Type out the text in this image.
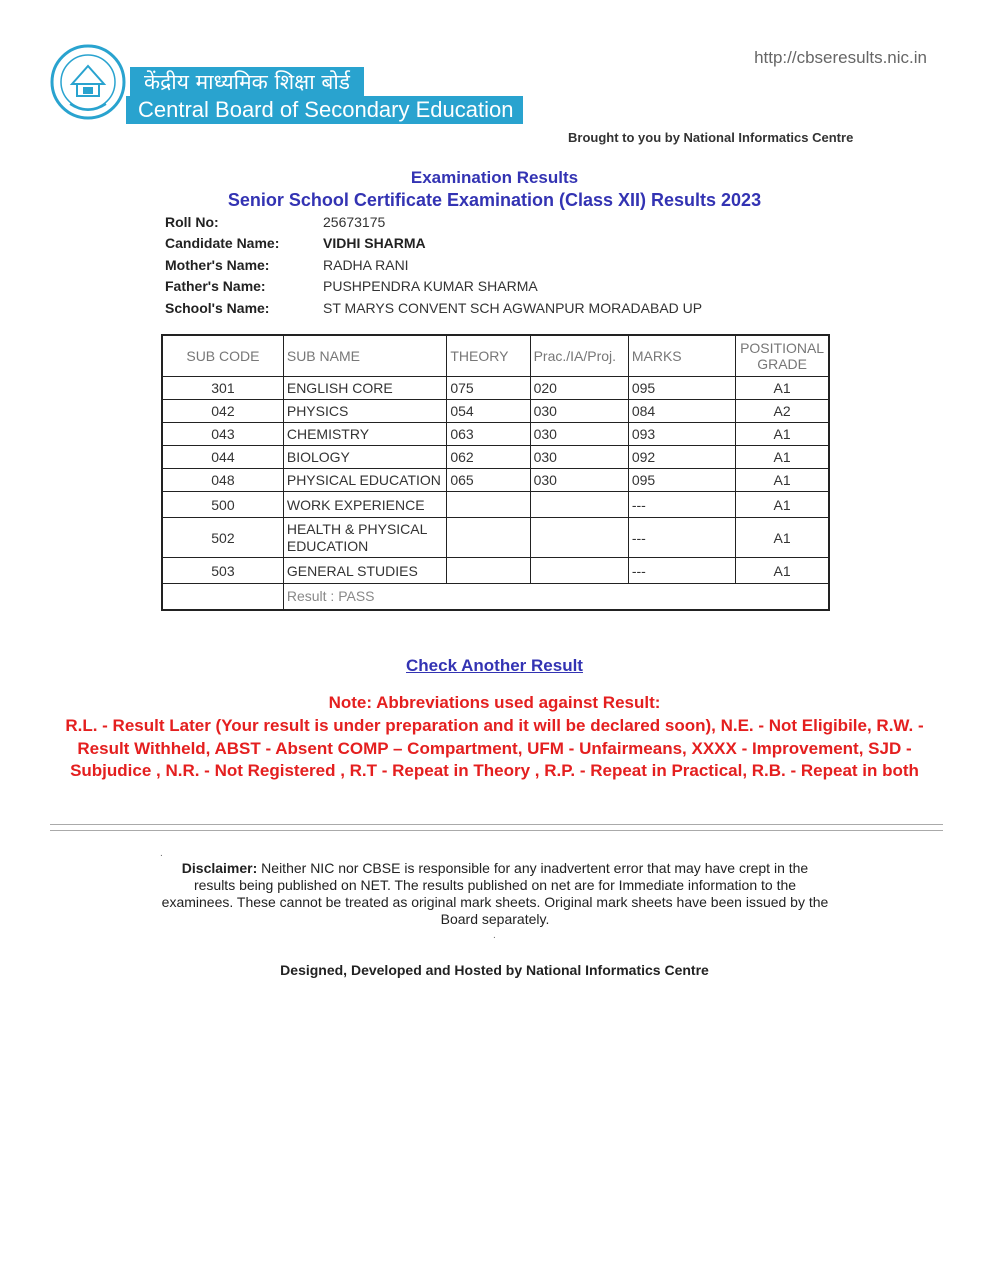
केंद्रीय माध्यमिक शिक्षा बोर्ड
Central Board of Secondary Education
http://cbseresults.nic.in
Brought to you by National Informatics Centre
Examination Results
Senior School Certificate Examination (Class XII) Results 2023
Roll No:	25673175
Candidate Name:	VIDHI SHARMA
Mother's Name:	RADHA RANI
Father's Name:	PUSHPENDRA KUMAR SHARMA
School's Name:	ST MARYS CONVENT SCH AGWANPUR MORADABAD UP
SUB CODE	SUB NAME	THEORY	Prac./IA/Proj.	MARKS	POSITIONAL GRADE
301	ENGLISH CORE	075	020	095	A1
042	PHYSICS	054	030	084	A2
043	CHEMISTRY	063	030	093	A1
044	BIOLOGY	062	030	092	A1
048	PHYSICAL EDUCATION	065	030	095	A1
500	WORK EXPERIENCE			---	A1
502	HEALTH & PHYSICAL EDUCATION			---	A1
503	GENERAL STUDIES			---	A1
	Result : PASS				
Check Another Result
Note: Abbreviations used against Result:
R.L. - Result Later (Your result is under preparation and it will be declared soon), N.E. - Not Eligibile, R.W. - Result Withheld, ABST - Absent COMP – Compartment, UFM - Unfairmeans, XXXX - Improvement, SJD - Subjudice , N.R. - Not Registered , R.T - Repeat in Theory , R.P. - Repeat in Practical, R.B. - Repeat in both
.
Disclaimer: Neither NIC nor CBSE is responsible for any inadvertent error that may have crept in the results being published on NET. The results published on net are for Immediate information to the examinees. These cannot be treated as original mark sheets. Original mark sheets have been issued by the Board separately.
.
Designed, Developed and Hosted by National Informatics Centre
